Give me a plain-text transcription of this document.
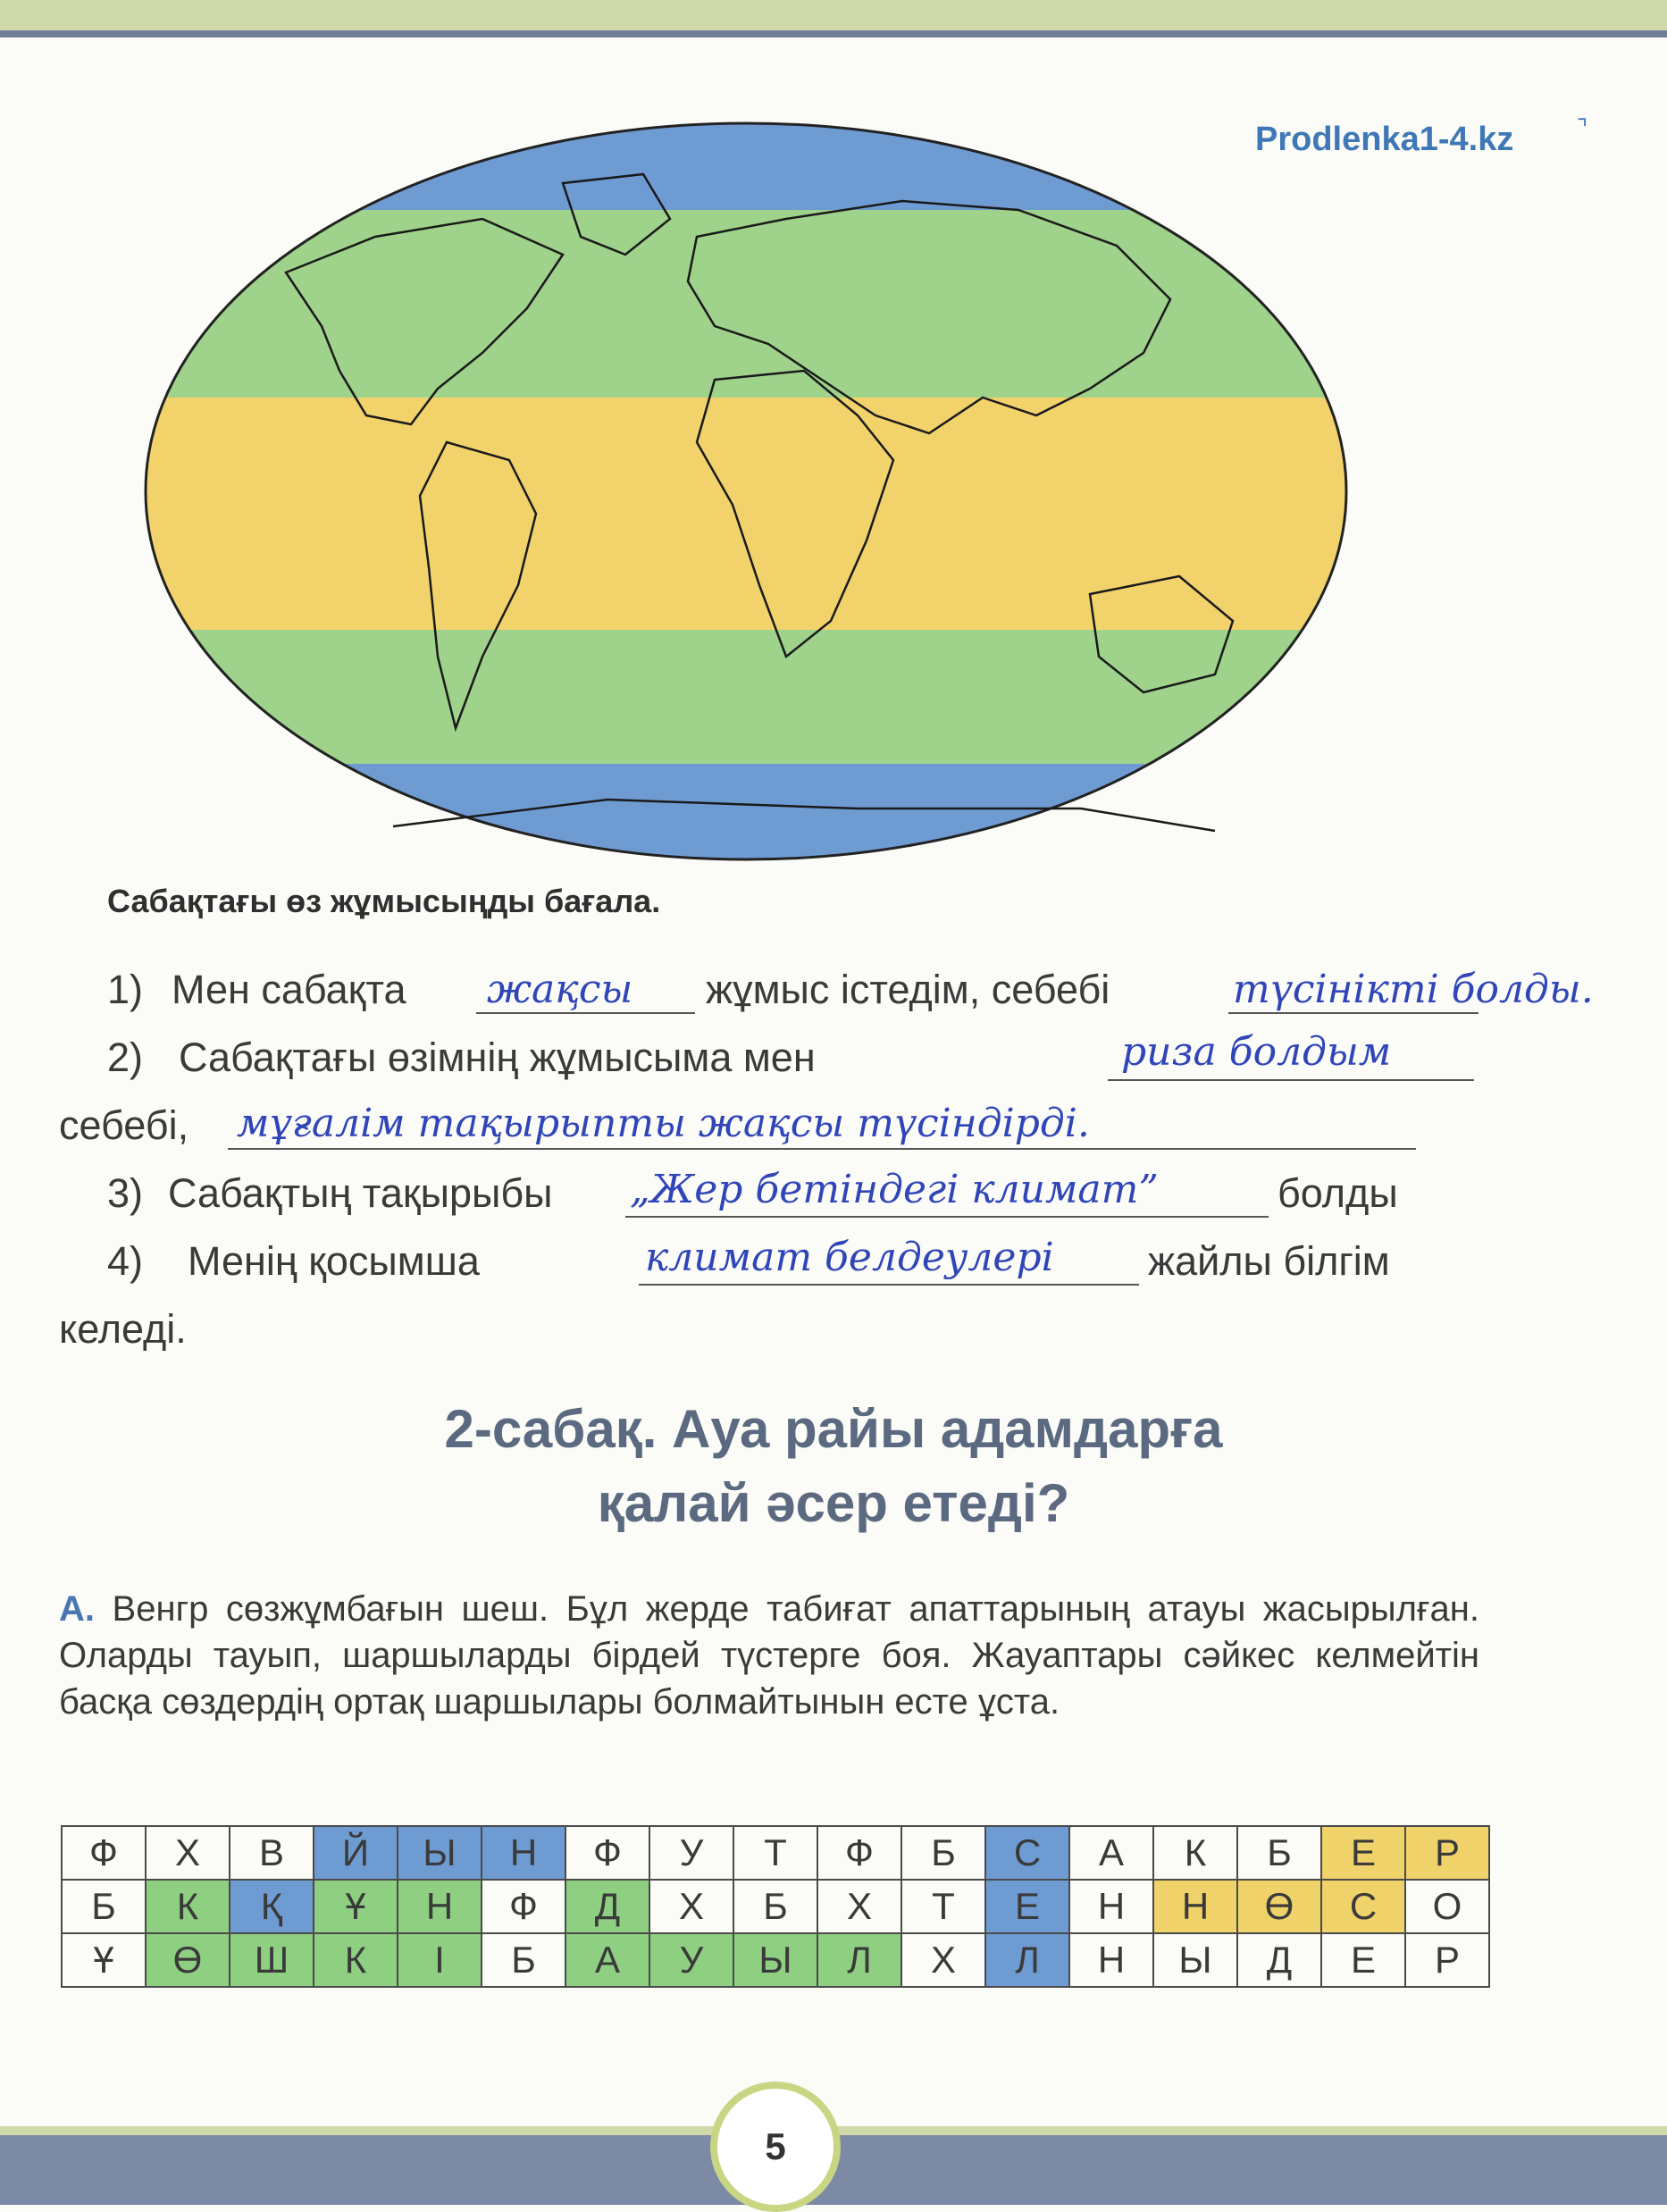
Prodlenka1-4.kz	⌝
Сабақтағы өз жұмысыңды бағала.
1) Мен сабақта жақсы жұмыс істедім, себебі	түсінікті болды.
2) Сабақтағы өзімнің жұмысыма мен	риза болдым
себебі, мұғалім тақырыпты жақсы түсіндірді.
3) Сабақтың тақырыбы „Жер бетіндегі климат”	болды
4) Менің қосымша	климат белдеулері жайлы білгім
келеді.
2-сабақ. Ауа райы адамдарға
қалай әсер етеді?
А. Венгр сөзжұмбағын шеш. Бұл жерде табиғат апаттарының атауы жасырылған. Оларды тауып, шаршыларды бірдей түстерге боя. Жауаптары сәйкес келмейтін басқа сөздердің ортақ шаршылары болмайтынын есте ұста.
Ф	Х	В	Й	Ы	Н	Ф	У	Т	Ф	Б	С	А	К	Б	Е	Р
Б	К	Қ	Ұ	Н	Ф	Д	Х	Б	Х	Т	Е	Н	Н	Ө	С	О
Ұ	Ө	Ш	К	І	Б	А	У	Ы	Л	Х	Л	Н	Ы	Д	Е	Р
5
